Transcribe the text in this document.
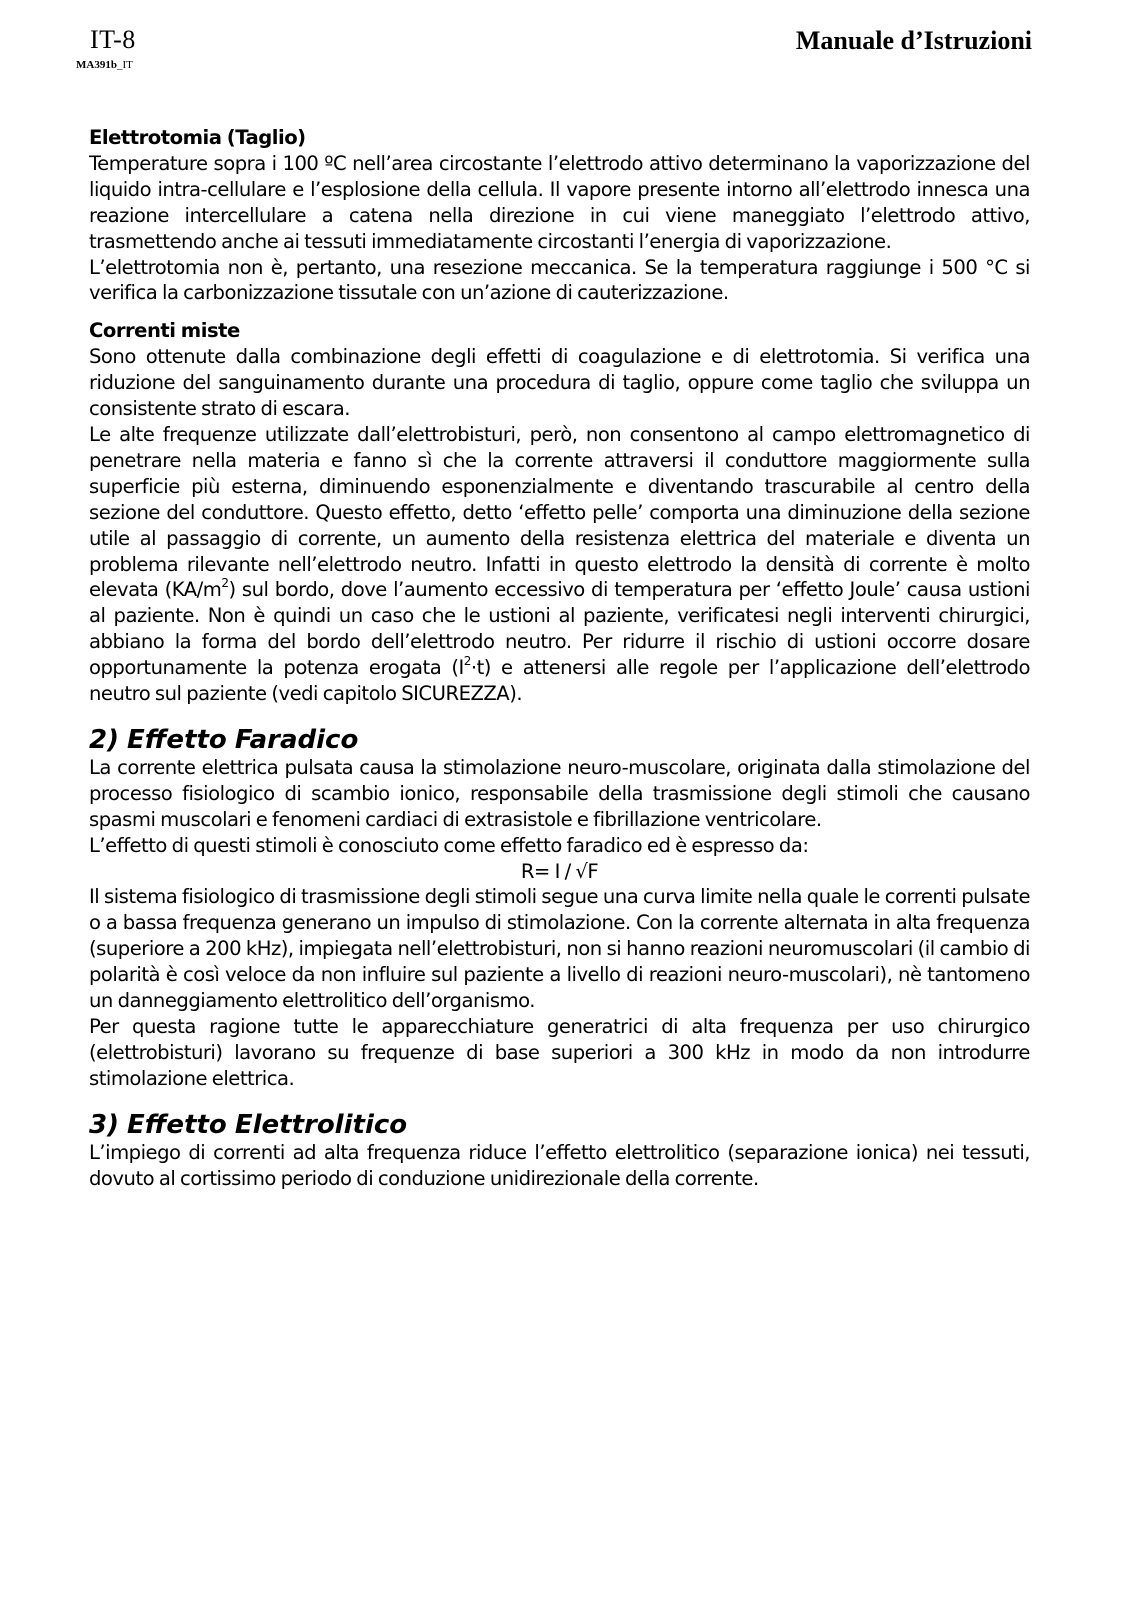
IT-8
MA391b_IT
Manuale d’Istruzioni
Elettrotomia (Taglio)

Temperature sopra i 100 ºC nell’area circostante l’elettrodo attivo determinano la vaporizzazione del liquido intra-cellulare e l’esplosione della cellula. Il vapore presente intorno all’elettrodo innesca una reazione intercellulare a catena nella direzione in cui viene maneggiato l’elettrodo attivo, trasmettendo anche ai tessuti immediatamente circostanti l’energia di vaporizzazione.

L’elettrotomia non è, pertanto, una resezione meccanica. Se la temperatura raggiunge i 500 °C si verifica la carbonizzazione tissutale con un’azione di cauterizzazione.

Correnti miste

Sono ottenute dalla combinazione degli effetti di coagulazione e di elettrotomia. Si verifica una riduzione del sanguinamento durante una procedura di taglio, oppure come taglio che sviluppa un consistente strato di escara.

Le alte frequenze utilizzate dall’elettrobisturi, però, non consentono al campo elettromagnetico di penetrare nella materia e fanno sì che la corrente attraversi il conduttore maggiormente sulla superficie più esterna, diminuendo esponenzialmente e diventando trascurabile al centro della sezione del conduttore. Questo effetto, detto ‘effetto pelle’ comporta una diminuzione della sezione utile al passaggio di corrente, un aumento della resistenza elettrica del materiale e diventa un problema rilevante nell’elettrodo neutro. Infatti in questo elettrodo la densità di corrente è molto elevata $(KA/m^2)$ sul bordo, dove l’aumento eccessivo di temperatura per ‘effetto Joule’ causa ustioni al paziente. Non è quindi un caso che le ustioni al paziente, verificatesi negli interventi chirurgici, abbiano la forma del bordo dell’elettrodo neutro. Per ridurre il rischio di ustioni occorre dosare opportunamente la potenza erogata $(I^2\cdot t)$ e attenersi alle regole per l’applicazione dell’elettrodo neutro sul paziente (vedi capitolo SICUREZZA).

2) Effetto Faradico

La corrente elettrica pulsata causa la stimolazione neuro-muscolare, originata dalla stimolazione del processo fisiologico di scambio ionico, responsabile della trasmissione degli stimoli che causano spasmi muscolari e fenomeni cardiaci di extrasistole e fibrillazione ventricolare.

L’effetto di questi stimoli è conosciuto come effetto faradico ed è espresso da:

R= I / √F

Il sistema fisiologico di trasmissione degli stimoli segue una curva limite nella quale le correnti pulsate o a bassa frequenza generano un impulso di stimolazione. Con la corrente alternata in alta frequenza (superiore a 200 kHz), impiegata nell’elettrobisturi, non si hanno reazioni neuromuscolari (il cambio di polarità è così veloce da non influire sul paziente a livello di reazioni neuro-muscolari), nè tantomeno un danneggiamento elettrolitico dell’organismo.

Per questa ragione tutte le apparecchiature generatrici di alta frequenza per uso chirurgico (elettrobisturi) lavorano su frequenze di base superiori a 300 kHz in modo da non introdurre stimolazione elettrica.

3) Effetto Elettrolitico

L’impiego di correnti ad alta frequenza riduce l’effetto elettrolitico (separazione ionica) nei tessuti, dovuto al cortissimo periodo di conduzione unidirezionale della corrente.
